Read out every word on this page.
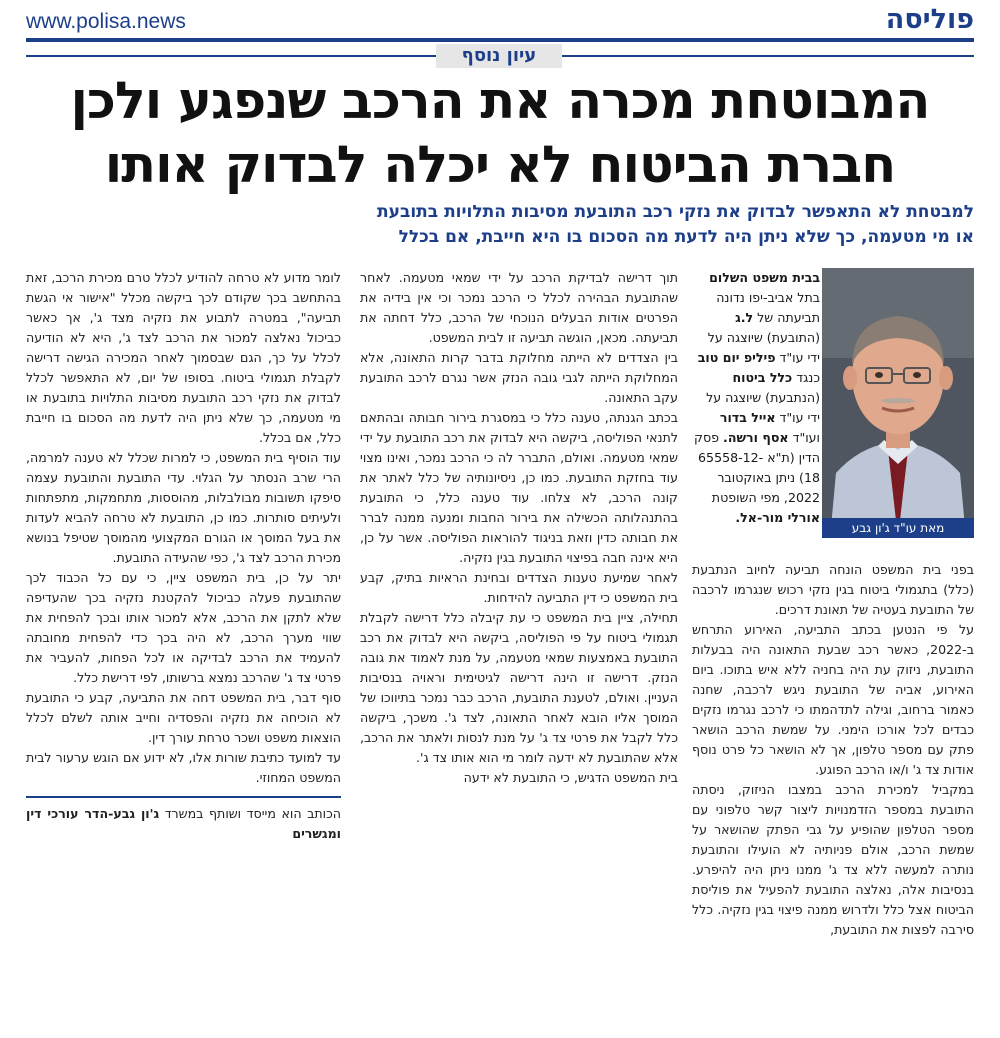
www.polisa.news	פוליסה
עיון נוסף
המבוטחת מכרה את הרכב שנפגע ולכן
חברת הביטוח לא יכלה לבדוק אותו
למבטחת לא התאפשר לבדוק את נזקי רכב התובעת מסיבות התלויות בתובעת
או מי מטעמה, כך שלא ניתן היה לדעת מה הסכום בו היא חייבת, אם בכלל
מאת עו"ד ג'ון גבע
בבית משפט השלום בתל אביב-יפו נדונה תביעתה של ל.ג (התובעת) שיוצגה על ידי עו"ד פיליפ יום טוב כנגד כלל ביטוח (הנתבעת) שיוצגה על ידי עו"ד אייל בדור ועו"ד אסף ורשה. פסק הדין (ת"א 65558-12-18) ניתן באוקטובר 2022, מפי השופטת אורלי מור-אל.

בפני בית המשפט הונחה תביעה לחיוב הנתבעת (כלל) בתגמולי ביטוח בגין נזקי רכוש שנגרמו לרכבה של התובעת בעטיה של תאונת דרכים.

על פי הנטען בכתב התביעה, האירוע התרחש ב-2022, כאשר רכב שבעת התאונה היה בבעלות התובעת, ניזוק עת היה בחניה ללא איש בתוכו. ביום האירוע, אביה של התובעת ניגש לרכבה, שחנה כאמור ברחוב, וגילה לתדהמתו כי לרכב נגרמו נזקים כבדים לכל אורכו הימני. על שמשת הרכב הושאר פתק עם מספר טלפון, אך לא הושאר כל פרט נוסף אודות צד ג' ו/או הרכב הפוגע.

במקביל למכירת הרכב במצבו הניזוק, ניסתה התובעת במספר הזדמנויות ליצור קשר טלפוני עם מספר הטלפון שהופיע על גבי הפתק שהושאר על שמשת הרכב, אולם פניותיה לא הועילו והתובעת נותרה למעשה ללא צד ג' ממנו ניתן היה להיפרע. בנסיבות אלה, נאלצה התובעת להפעיל את פוליסת הביטוח אצל כלל ולדרוש ממנה פיצוי בגין נזקיה. כלל סירבה לפצות את התובעת,

תוך דרישה לבדיקת הרכב על ידי שמאי מטעמה. לאחר שהתובעת הבהירה לכלל כי הרכב נמכר וכי אין בידיה את הפרטים אודות הבעלים הנוכחי של הרכב, כלל דחתה את תביעתה. מכאן, הוגשה תביעה זו לבית המשפט.

בין הצדדים לא הייתה מחלוקת בדבר קרות התאונה, אלא המחלוקת הייתה לגבי גובה הנזק אשר נגרם לרכב התובעת עקב התאונה.

בכתב הגנתה, טענה כלל כי במסגרת בירור חבותה ובהתאם לתנאי הפוליסה, ביקשה היא לבדוק את רכב התובעת על ידי שמאי מטעמה. ואולם, התברר לה כי הרכב נמכר, ואינו מצוי עוד בחזקת התובעת. כמו כן, ניסיונותיה של כלל לאתר את קונה הרכב, לא צלחו. עוד טענה כלל, כי התובעת בהתנהלותה הכשילה את בירור החבות ומנעה ממנה לברר את חבותה כדין וזאת בניגוד להוראות הפוליסה. אשר על כן, היא אינה חבה בפיצוי התובעת בגין נזקיה.

לאחר שמיעת טענות הצדדים ובחינת הראיות בתיק, קבע בית המשפט כי דין התביעה להידחות.

תחילה, ציין בית המשפט כי עת קיבלה כלל דרישה לקבלת תגמולי ביטוח על פי הפוליסה, ביקשה היא לבדוק את רכב התובעת באמצעות שמאי מטעמה, על מנת לאמוד את גובה הנזק. דרישה זו הינה דרישה לגיטימית וראויה בנסיבות העניין. ואולם, לטענת התובעת, הרכב כבר נמכר בתיווכו של המוסך אליו הובא לאחר התאונה, לצד ג'. משכך, ביקשה כלל לקבל את פרטי צד ג' על מנת לנסות ולאתר את הרכב, אלא שהתובעת לא ידעה לומר מי הוא אותו צד ג'.

בית המשפט הדגיש, כי התובעת לא ידעה

לומר מדוע לא טרחה להודיע לכלל טרם מכירת הרכב, זאת בהתחשב בכך שקודם לכך ביקשה מכלל "אישור אי הגשת תביעה", במטרה לתבוע את נזקיה מצד ג', אך כאשר כביכול נאלצה למכור את הרכב לצד ג', היא לא הודיעה לכלל על כך, הגם שבסמוך לאחר המכירה הגישה דרישה לקבלת תגמולי ביטוח. בסופו של יום, לא התאפשר לכלל לבדוק את נזקי רכב התובעת מסיבות התלויות בתובעת או מי מטעמה, כך שלא ניתן היה לדעת מה הסכום בו חייבת כלל, אם בכלל.

עוד הוסיף בית המשפט, כי למרות שכלל לא טענה למרמה, הרי שרב הנסתר על הגלוי. עדי התובעת והתובעת עצמה סיפקו תשובות מבולבלות, מהוססות, מתחמקות, מתפתחות ולעיתים סותרות. כמו כן, התובעת לא טרחה להביא לעדות את בעל המוסך או הגורם המקצועי מהמוסך שטיפל בנושא מכירת הרכב לצד ג', כפי שהעידה התובעת.

יתר על כן, בית המשפט ציין, כי עם כל הכבוד לכך שהתובעת פעלה כביכול להקטנת נזקיה בכך שהעדיפה שלא לתקן את הרכב, אלא למכור אותו ובכך להפחית את שווי מערך הרכב, לא היה בכך כדי להפחית מחובתה להעמיד את הרכב לבדיקה או לכל הפחות, להעביר את פרטי צד ג' שהרכב נמצא ברשותו, לפי דרישת כלל.

סוף דבר, בית המשפט דחה את התביעה, קבע כי התובעת לא הוכיחה את נזקיה והפסדיה וחייב אותה לשלם לכלל הוצאות משפט ושכר טרחת עורך דין.

עד למועד כתיבת שורות אלו, לא ידוע אם הוגש ערעור לבית המשפט המחוזי.

הכותב הוא מייסד ושותף במשרד ג'ון גבע-הדר עורכי דין ומגשרים
